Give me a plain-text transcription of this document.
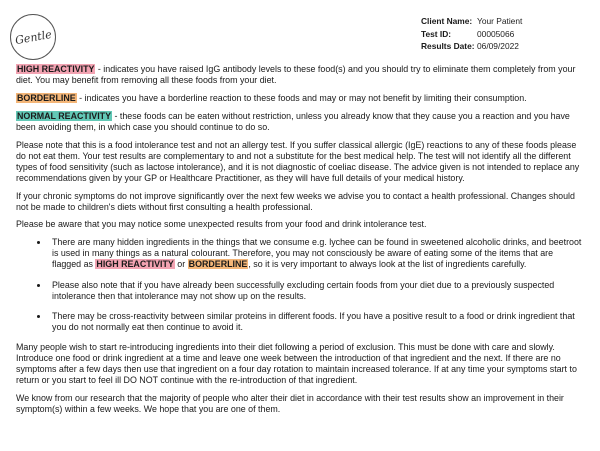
Gentle
Client Name: Your Patient
Test ID:	00005066
Results Date: 06/09/2022

HIGH REACTIVITY - indicates you have raised IgG antibody levels to these food(s) and you should try to eliminate them completely from your diet. You may benefit from removing all these foods from your diet.

BORDERLINE - indicates you have a borderline reaction to these foods and may or may not benefit by limiting their consumption.

NORMAL REACTIVITY - these foods can be eaten without restriction, unless you already know that they cause you a reaction and you have been avoiding them, in which case you should continue to do so.

Please note that this is a food intolerance test and not an allergy test. If you suffer classical allergic (IgE) reactions to any of these foods please do not eat them. Your test results are complementary to and not a substitute for the best medical help. The test will not identify all the different types of food sensitivity (such as lactose intolerance), and it is not diagnostic of coeliac disease. The advice given is not intended to replace any recommendations given by your GP or Healthcare Practitioner, as they will have full details of your medical history.

If your chronic symptoms do not improve significantly over the next few weeks we advise you to contact a health professional. Changes should not be made to children's diets without first consulting a health professional.

Please be aware that you may notice some unexpected results from your food and drink intolerance test.

• There are many hidden ingredients in the things that we consume e.g. lychee can be found in sweetened alcoholic drinks, and beetroot is used in many things as a natural colourant. Therefore, you may not consciously be aware of eating some of the items that are flagged as HIGH REACTIVITY or BORDERLINE, so it is very important to always look at the list of ingredients carefully.
• Please also note that if you have already been successfully excluding certain foods from your diet due to a previously suspected intolerance then that intolerance may not show up on the results.
• There may be cross-reactivity between similar proteins in different foods. If you have a positive result to a food or drink ingredient that you do not normally eat then continue to avoid it.

Many people wish to start re-introducing ingredients into their diet following a period of exclusion. This must be done with care and slowly. Introduce one food or drink ingredient at a time and leave one week between the introduction of that ingredient and the next. If there are no symptoms after a few days then use that ingredient on a four day rotation to maintain increased tolerance. If at any time your symptoms start to return or you start to feel ill DO NOT continue with the re-introduction of that ingredient.

We know from our research that the majority of people who alter their diet in accordance with their test results show an improvement in their symptom(s) within a few weeks. We hope that you are one of them.
